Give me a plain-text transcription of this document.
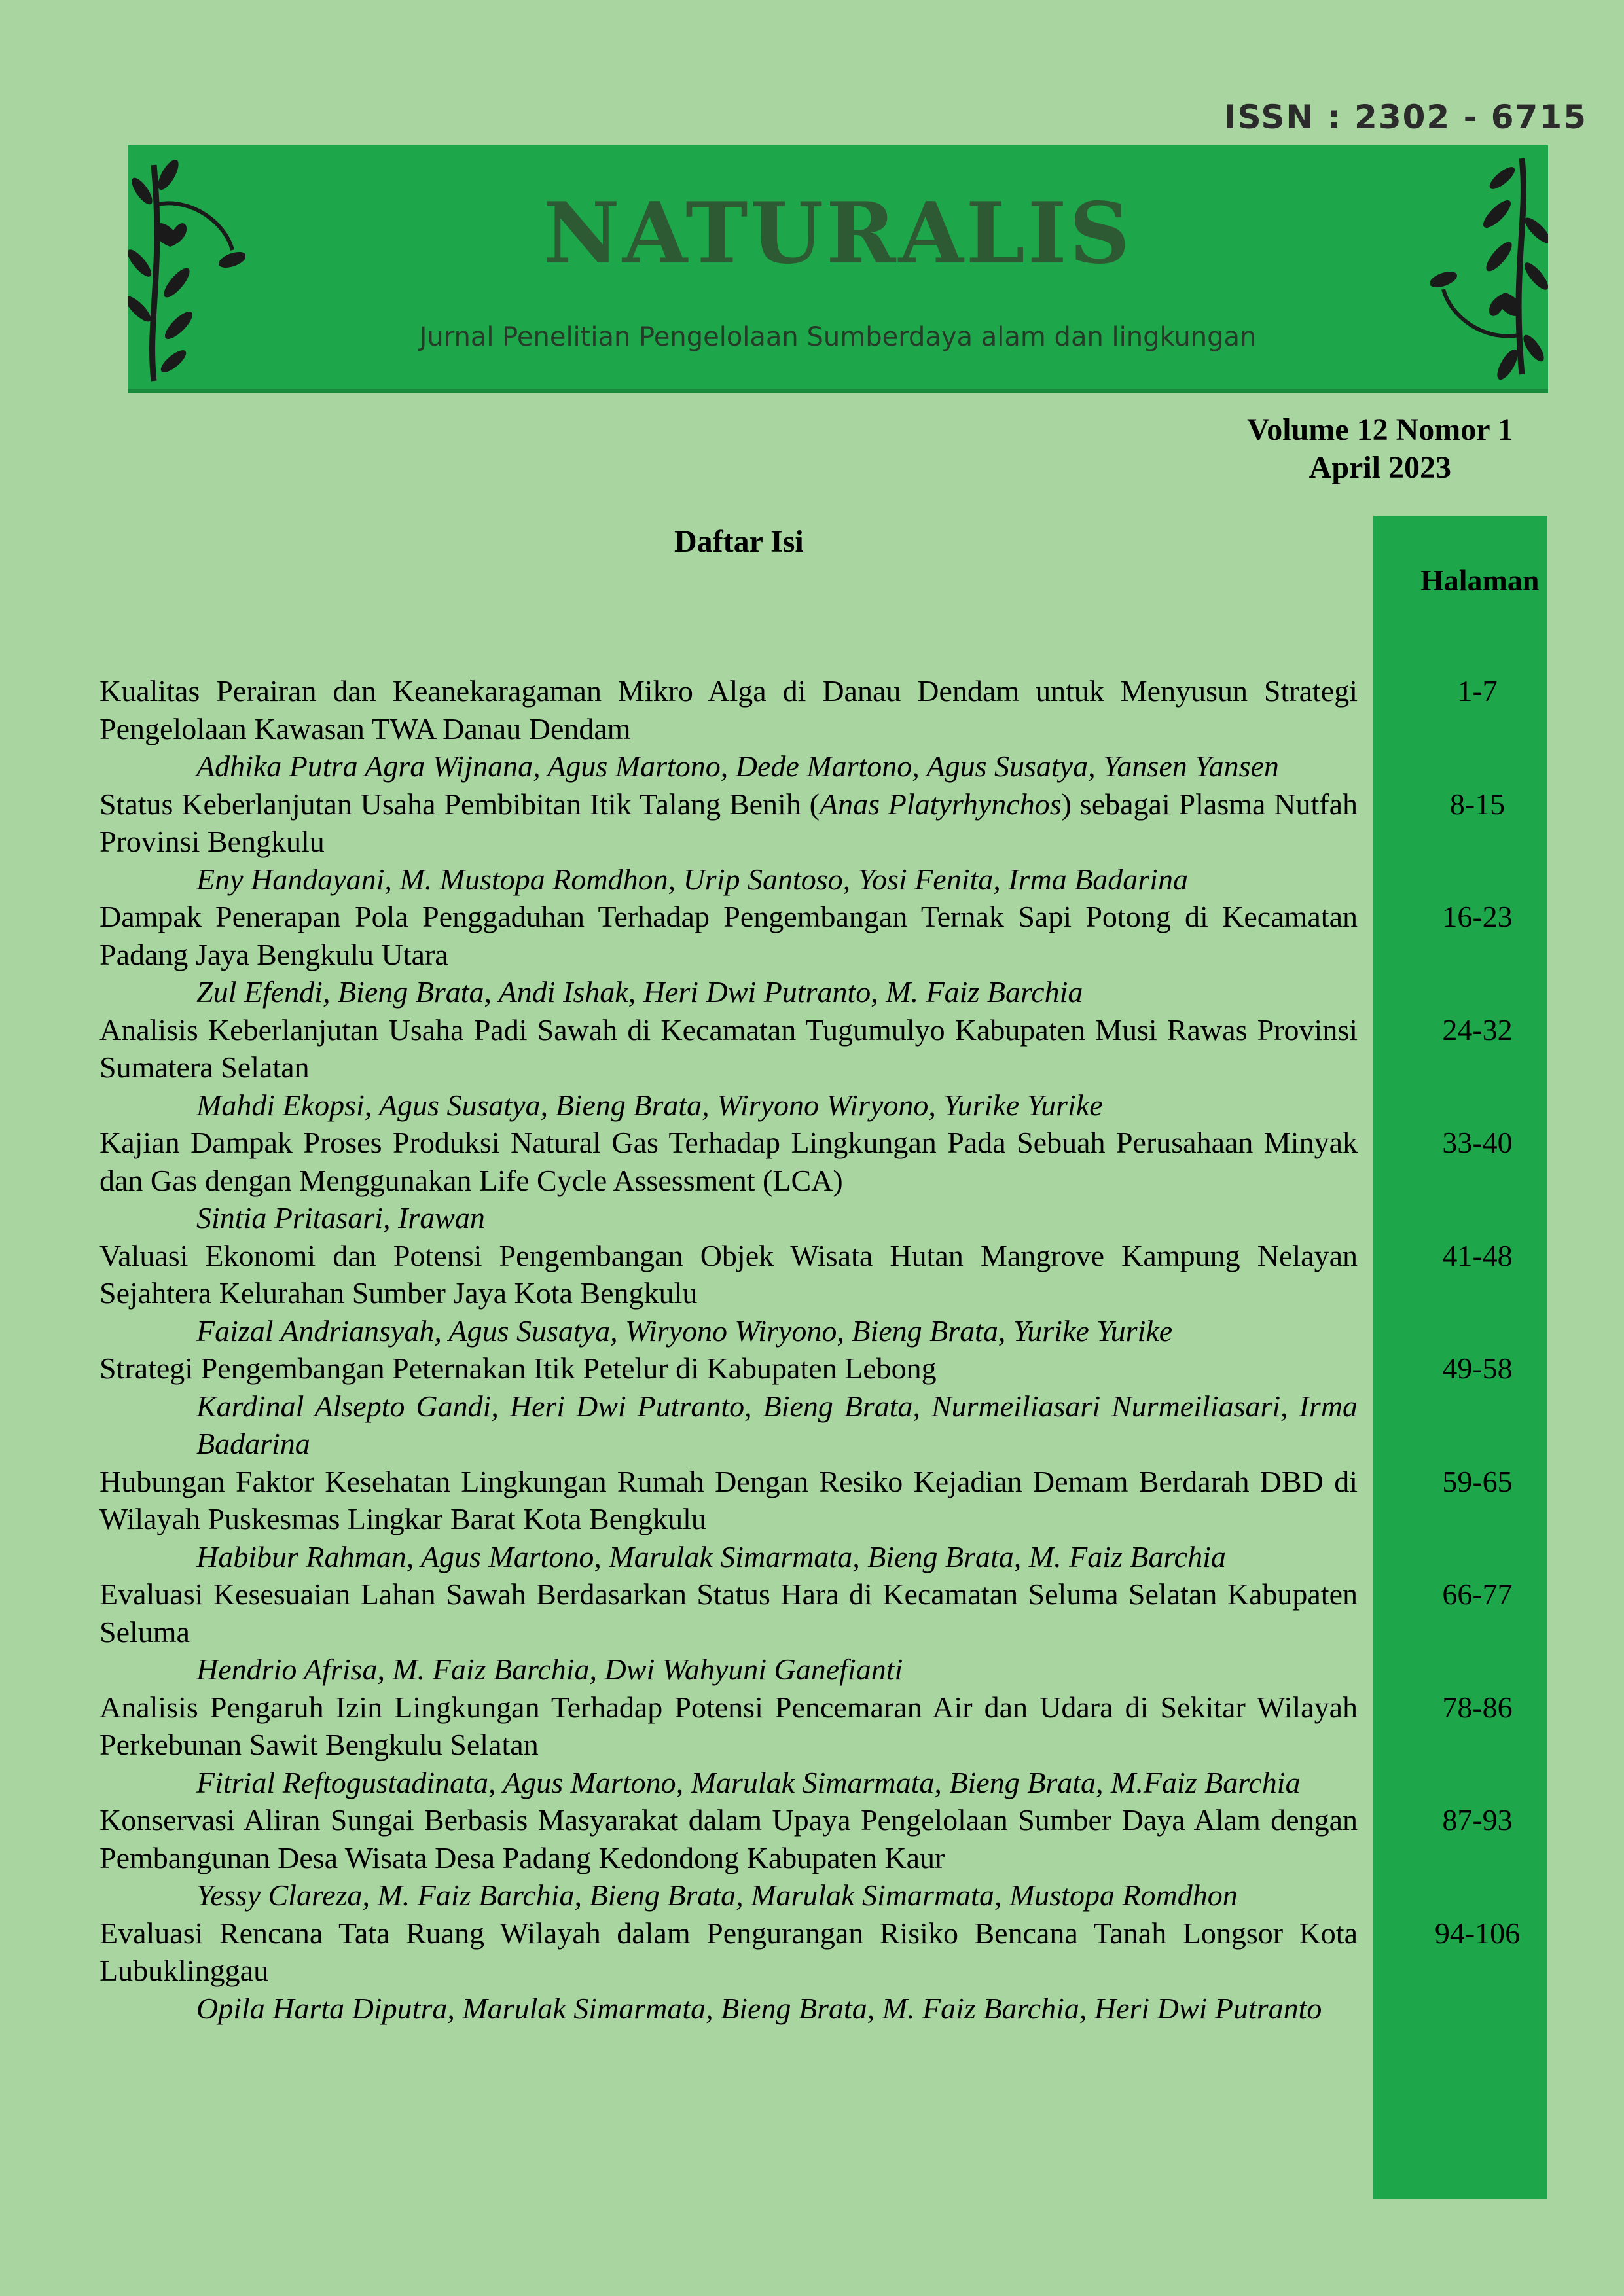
ISSN : 2302 - 6715
NATURALIS
Jurnal Penelitian Pengelolaan Sumberdaya alam dan lingkungan
Volume 12 Nomor 1
April 2023
Daftar Isi
Halaman
Kualitas Perairan dan Keanekaragaman Mikro Alga di Danau Dendam untuk Menyusun Strategi Pengelolaan Kawasan TWA Danau Dendam
Adhika Putra Agra Wijnana, Agus Martono, Dede Martono, Agus Susatya, Yansen Yansen
1-7
Status Keberlanjutan Usaha Pembibitan Itik Talang Benih (Anas Platyrhynchos) sebagai Plasma Nutfah Provinsi Bengkulu
Eny Handayani, M. Mustopa Romdhon, Urip Santoso, Yosi Fenita, Irma Badarina
8-15
Dampak Penerapan Pola Penggaduhan Terhadap Pengembangan Ternak Sapi Potong di Kecamatan Padang Jaya Bengkulu Utara
Zul Efendi, Bieng Brata, Andi Ishak, Heri Dwi Putranto, M. Faiz Barchia
16-23
Analisis Keberlanjutan Usaha Padi Sawah di Kecamatan Tugumulyo Kabupaten Musi Rawas Provinsi Sumatera Selatan
Mahdi Ekopsi, Agus Susatya, Bieng Brata, Wiryono Wiryono, Yurike Yurike
24-32
Kajian Dampak Proses Produksi Natural Gas Terhadap Lingkungan Pada Sebuah Perusahaan Minyak dan Gas dengan Menggunakan Life Cycle Assessment (LCA)
Sintia Pritasari, Irawan
33-40
Valuasi Ekonomi dan Potensi Pengembangan Objek Wisata Hutan Mangrove Kampung Nelayan Sejahtera Kelurahan Sumber Jaya Kota Bengkulu
Faizal Andriansyah, Agus Susatya, Wiryono Wiryono, Bieng Brata, Yurike Yurike
41-48
Strategi Pengembangan Peternakan Itik Petelur di Kabupaten Lebong
Kardinal Alsepto Gandi, Heri Dwi Putranto, Bieng Brata, Nurmeiliasari Nurmeiliasari, Irma Badarina
49-58
Hubungan Faktor Kesehatan Lingkungan Rumah Dengan Resiko Kejadian Demam Berdarah DBD di Wilayah Puskesmas Lingkar Barat Kota Bengkulu
Habibur Rahman, Agus Martono, Marulak Simarmata, Bieng Brata, M. Faiz Barchia
59-65
Evaluasi Kesesuaian Lahan Sawah Berdasarkan Status Hara di Kecamatan Seluma Selatan Kabupaten Seluma
Hendrio Afrisa, M. Faiz Barchia, Dwi Wahyuni Ganefianti
66-77
Analisis Pengaruh Izin Lingkungan Terhadap Potensi Pencemaran Air dan Udara di Sekitar Wilayah Perkebunan Sawit Bengkulu Selatan
Fitrial Reftogustadinata, Agus Martono, Marulak Simarmata, Bieng Brata, M.Faiz Barchia
78-86
Konservasi Aliran Sungai Berbasis Masyarakat dalam Upaya Pengelolaan Sumber Daya Alam dengan Pembangunan Desa Wisata Desa Padang Kedondong Kabupaten Kaur
Yessy Clareza, M. Faiz Barchia, Bieng Brata, Marulak Simarmata, Mustopa Romdhon
87-93
Evaluasi Rencana Tata Ruang Wilayah dalam Pengurangan Risiko Bencana Tanah Longsor Kota Lubuklinggau
Opila Harta Diputra, Marulak Simarmata, Bieng Brata, M. Faiz Barchia, Heri Dwi Putranto
94-106
